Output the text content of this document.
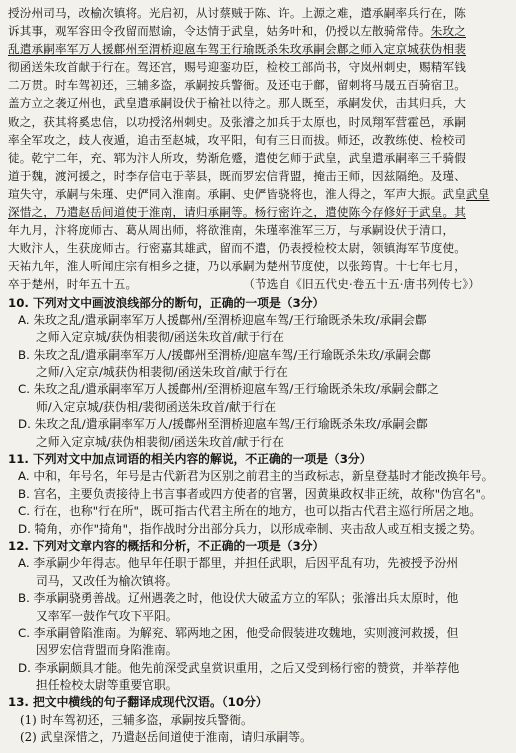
授汾州司马，改榆次镇将。光启初，从讨蔡贼于陈、许。上源之难，遣承嗣率兵行在，陈
诉其事，观军容田令孜留而慰谕，令达情于武皇，姑务叶和，仍授以左散骑常侍。朱玫之
乱遣承嗣率军万人援鄜州至渭桥迎扈车驾王行瑜既杀朱玫承嗣会鄜之师入定京城获伪相裴
彻函送朱玫首献于行在。驾还宫，赐号迎銮功臣，检校工部尚书，守岚州刺史，赐精军钱
二万贯。时车驾初还，三辅多盗，承嗣按兵警衙。及还屯于鄜，留刺将马晟五百骑宿卫。
盖方立之袭辽州也，武皇遣承嗣设伏于榆社以待之。那人既至，承嗣发伏，击其归兵，大
败之，获其将奚忠信，以功授洺州刺史。及张濬之加兵于太原也，时凤翔军营霍邑，承嗣
率全军攻之，歧人夜遁，追击至赵城，攻平阳，旬有三日而拔。师还，改教练使、检校司
徒。乾宁二年，充、郓为汴人所攻，势渐危蹙，遣使乞师于武皇，武皇遣承嗣率三千骑假
道于魏，渡河援之，时李存信屯于莘县，既而罗宏信背盟，掩击王师，因兹隔绝。及瑾、
瑄失守，承嗣与朱瑾、史俨同入淮南。承嗣、史俨皆骁将也，淮人得之，军声大振。武皇武皇
深惜之，乃遣赵岳间道使于淮南，请归承嗣等。杨行密许之，遣使陈今存修好于武皇。其
年九月，汴将庞师古、葛从周出师，将欲淮南，朱瑾率淮军三万，与承嗣设伏于清口，
大败汴人，生获庞师古。行密嘉其雄武，留而不遣，仍表授检校太尉，领镇海军节度使。
天祐九年，淮人听闻庄宗有相乡之捷，乃以承嗣为楚州节度使，以张筠冑。十七年七月，
卒于楚州，时年五十五。	（节选自《旧五代史·卷五十五·唐书列传七》）
10. 下列对文中画波浪线部分的断句，正确的一项是（3分）
A. 朱玫之乱/遣承嗣率军万人援鄜州/至渭桥迎扈车驾/王行瑜既杀朱玫/承嗣会鄜
之师入定京城/获伪相裴彻/函送朱玫首/献于行在
B. 朱玫之乱/遣承嗣率军万人/援鄜州至渭桥/迎扈车驾/王行瑜既杀朱玫/承嗣会鄜
之师/入定京/城获伪相裴彻/函送朱玫首/献于行在
C. 朱玫之乱/遣承嗣率军万人援鄜州/至渭桥迎扈车驾/王行瑜既杀朱玫/承嗣会鄜之
师/入定京城/获伪相/裴彻函送朱玫首/献于行在
D. 朱玫之乱/遣承嗣率军万人/援鄜州至渭桥迎扈车驾/王行瑜既杀朱玫/承嗣会鄜
之师入定京城/获伪相裴彻/函送朱玫首/献于行在
11. 下列对文中加点词语的相关内容的解说，不正确的一项是（3分）
A. 中和，年号名，年号是古代新君为区别之前君主的当政标志，新皇登基时才能改换年号。
B. 宫名，主要负责接待上书言事者或四方使者的官署，因黄巢政权非正统，故称"伪宫名"。
C. 行在，也称"行在所"，既可指古代君主所在的地方，也可以指古代君主巡行所居之地。
D. 犄角，亦作"掎角"，指作战时分出部分兵力，以形成牵制、夹击敌人或互相支援之势。
12. 下列对文章内容的概括和分析，不正确的一项是（3分）
A. 李承嗣少年得志。他早年任职于都里，并担任武职，后因平乱有功，先被授予汾州
司马，又改任为榆次镇将。
B. 李承嗣骁勇善战。辽州遇袭之时，他设伏大破孟方立的军队；张濬出兵太原时，他
又率军一鼓作气攻下平阳。
C. 李承嗣曾陷淮南。为解兖、郓两地之困，他受命假装进攻魏地，实则渡河救援，但
因罗宏信背盟而身陷淮南。
D. 李承嗣颇具才能。他先前深受武皇赏识重用，之后又受到杨行密的赞赏，并举荐他
担任检校太尉等重要官职。
13. 把文中横线的句子翻译成现代汉语。（10分）
(1) 时车驾初还，三辅多盗，承嗣按兵警衙。
(2) 武皇深惜之，乃遣赵岳间道使于淮南，请归承嗣等。
